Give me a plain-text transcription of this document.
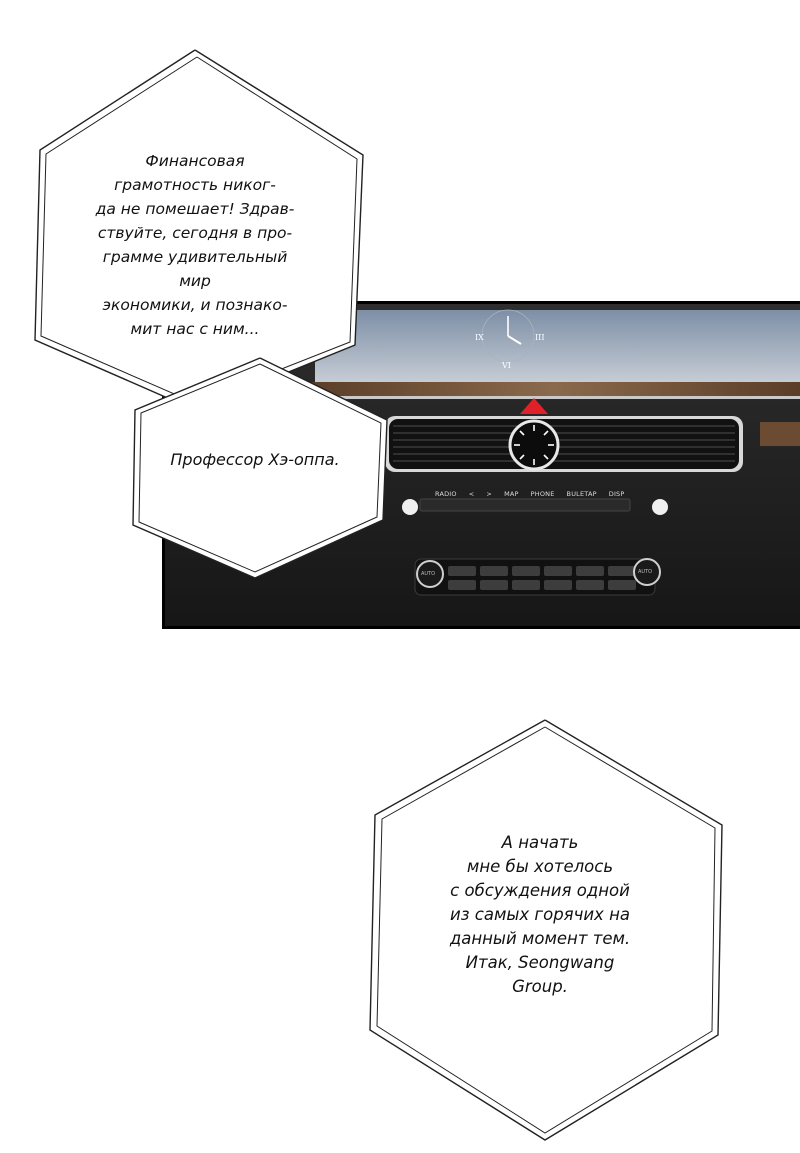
IX	III
VI
RADIO < > MAP PHONE BULETAP DISP
AUTO	AUTO
Финансовая
грамотность никог-
да не помешает! Здрав-
ствуйте, сегодня в про-
грамме удивительный мир
экономики, и познако-
мит нас с ним...
Профессор Хэ-оппа.
А начать
мне бы хотелось
с обсуждения одной
из самых горячих на
данный момент тем.
Итак, Seongwang
Group.
